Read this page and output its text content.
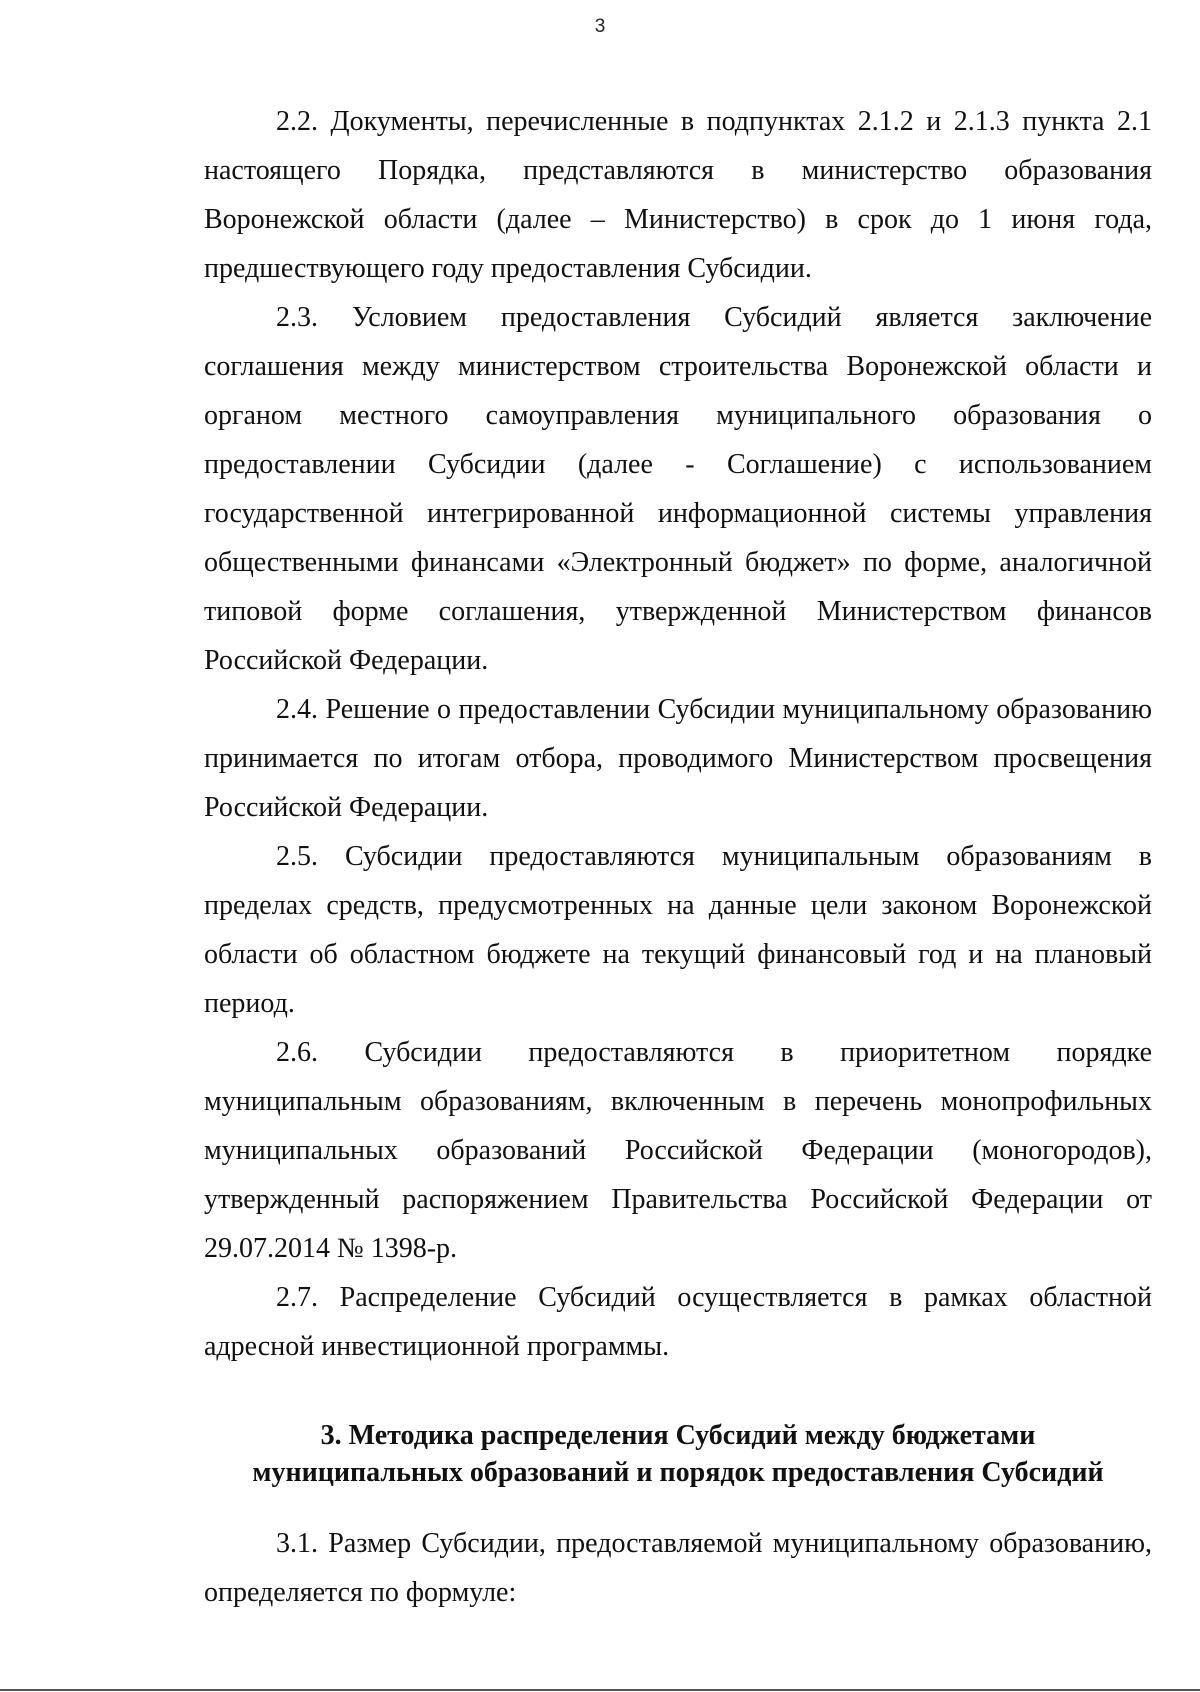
3

2.2. Документы, перечисленные в подпунктах 2.1.2 и 2.1.3 пункта 2.1 настоящего Порядка, представляются в министерство образования Воронежской области (далее – Министерство) в срок до 1 июня года, предшествующего году предоставления Субсидии.

2.3. Условием предоставления Субсидий является заключение соглашения между министерством строительства Воронежской области и органом местного самоуправления муниципального образования о предоставлении Субсидии (далее - Соглашение) с использованием государственной интегрированной информационной системы управления общественными финансами «Электронный бюджет» по форме, аналогичной типовой форме соглашения, утвержденной Министерством финансов Российской Федерации.

2.4. Решение о предоставлении Субсидии муниципальному образованию принимается по итогам отбора, проводимого Министерством просвещения Российской Федерации.

2.5. Субсидии предоставляются муниципальным образованиям в пределах средств, предусмотренных на данные цели законом Воронежской области об областном бюджете на текущий финансовый год и на плановый период.

2.6. Субсидии предоставляются в приоритетном порядке муниципальным образованиям, включенным в перечень монопрофильных муниципальных образований Российской Федерации (моногородов), утвержденный распоряжением Правительства Российской Федерации от 29.07.2014 № 1398-р.

2.7. Распределение Субсидий осуществляется в рамках областной адресной инвестиционной программы.

3. Методика распределения Субсидий между бюджетами
муниципальных образований и порядок предоставления Субсидий

3.1. Размер Субсидии, предоставляемой муниципальному образованию, определяется по формуле:
